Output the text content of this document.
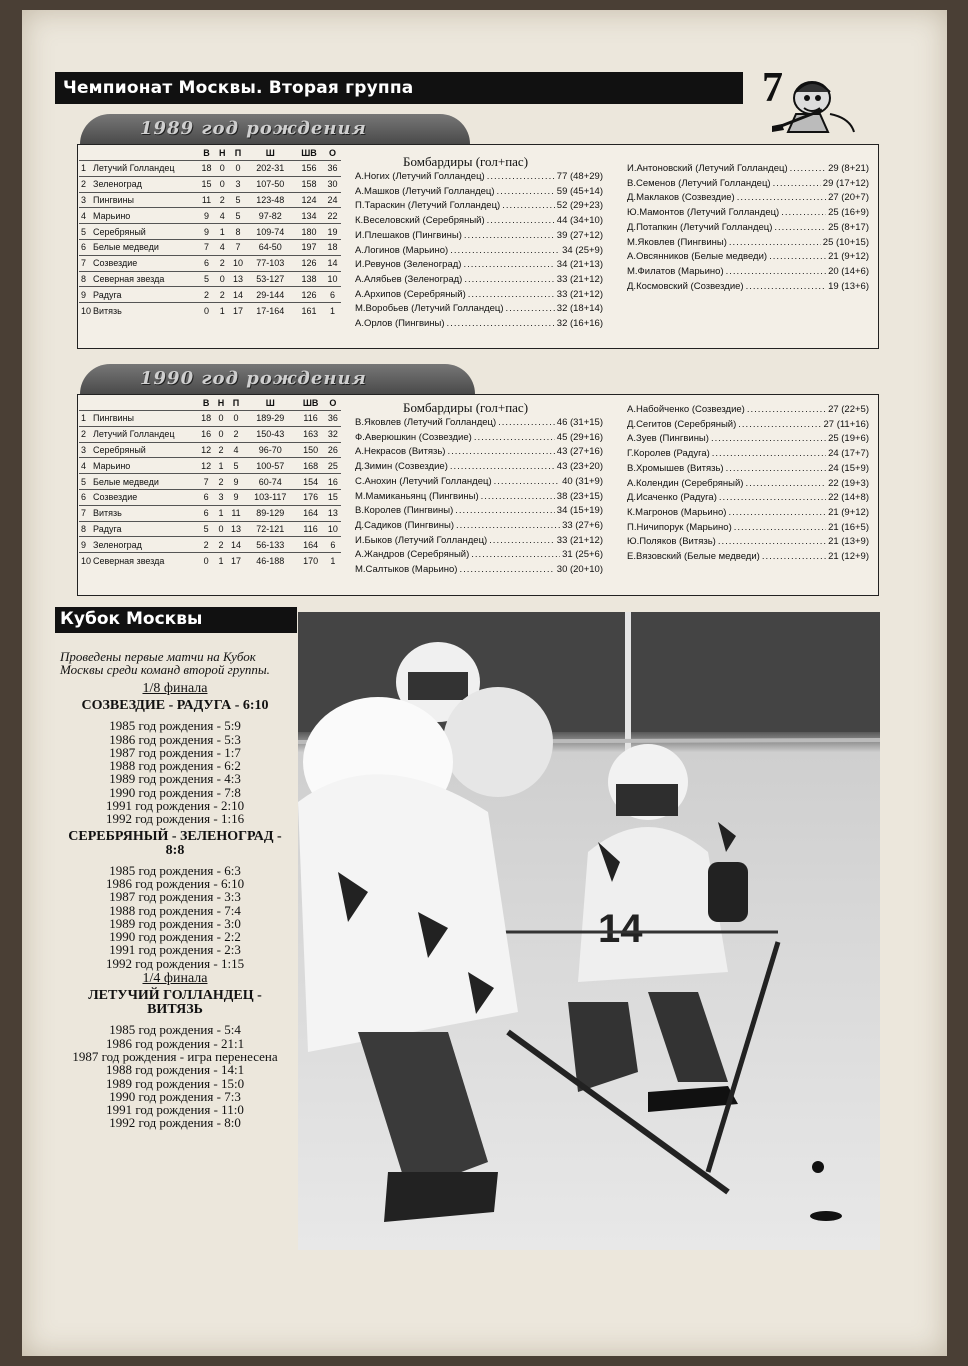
Чемпионат Москвы. Вторая группа	7
1989 год рождения
		В	Н	П	Ш	ШВ	О
1	Летучий Голландец	18	0	0	202-31	156	36
2	Зеленоград	15	0	3	107-50	158	30
3	Пингвины	11	2	5	123-48	124	24
4	Марьино	9	4	5	97-82	134	22
5	Серебряный	9	1	8	109-74	180	19
6	Белые медведи	7	4	7	64-50	197	18
7	Созвездие	6	2	10	77-103	126	14
8	Северная звезда	5	0	13	53-127	138	10
9	Радуга	2	2	14	29-144	126	6
10	Витязь	0	1	17	17-164	161	1
Бомбардиры (гол+пас)
А.Ногих (Летучий Голландец) .....	77 (48+29)
А.Машков (Летучий Голландец) .....	59 (45+14)
П.Тараскин (Летучий Голландец) .....	52 (29+23)
К.Веселовский (Серебряный) .....	44 (34+10)
И.Плешаков (Пингвины) .....	39 (27+12)
А.Логинов (Марьино) .....	34 (25+9)
И.Ревунов (Зеленоград) .....	34 (21+13)
А.Алябьев (Зеленоград) .....	33 (21+12)
А.Архипов (Серебряный) .....	33 (21+12)
М.Воробьев (Летучий Голландец) .....	32 (18+14)
А.Орлов (Пингвины) .....	32 (16+16)
И.Антоновский (Летучий Голландец) .....	29 (8+21)
В.Семенов (Летучий Голландец) .....	29 (17+12)
Д.Маклаков (Созвездие) .....	27 (20+7)
Ю.Мамонтов (Летучий Голландец) .....	25 (16+9)
Д.Потапкин (Летучий Голландец) .....	25 (8+17)
М.Яковлев (Пингвины) .....	25 (10+15)
А.Овсянников (Белые медведи) .....	21 (9+12)
М.Филатов (Марьино) .....	20 (14+6)
Д.Космовский (Созвездие) .....	19 (13+6)
1990 год рождения
		В	Н	П	Ш	ШВ	О
1	Пингвины	18	0	0	189-29	116	36
2	Летучий Голландец	16	0	2	150-43	163	32
3	Серебряный	12	2	4	96-70	150	26
4	Марьино	12	1	5	100-57	168	25
5	Белые медведи	7	2	9	60-74	154	16
6	Созвездие	6	3	9	103-117	176	15
7	Витязь	6	1	11	89-129	164	13
8	Радуга	5	0	13	72-121	116	10
9	Зеленоград	2	2	14	56-133	164	6
10	Северная звезда	0	1	17	46-188	170	1
Бомбардиры (гол+пас)
В.Яковлев (Летучий Голландец) .....	46 (31+15)
Ф.Аверюшкин (Созвездие) .....	45 (29+16)
А.Некрасов (Витязь) .....	43 (27+16)
Д.Зимин (Созвездие) .....	43 (23+20)
С.Анохин (Летучий Голландец) .....	40 (31+9)
М.Мамиканьянц (Пингвины) .....	38 (23+15)
В.Королев (Пингвины) .....	34 (15+19)
Д.Садиков (Пингвины) .....	33 (27+6)
И.Быков (Летучий Голландец) .....	33 (21+12)
А.Жандров (Серебряный) .....	31 (25+6)
М.Салтыков (Марьино) .....	30 (20+10)
А.Набойченко (Созвездие) .....	27 (22+5)
Д.Сегитов (Серебряный) .....	27 (11+16)
А.Зуев (Пингвины) .....	25 (19+6)
Г.Королев (Радуга) .....	24 (17+7)
В.Хромышев (Витязь) .....	24 (15+9)
А.Колендин (Серебряный) .....	22 (19+3)
Д.Исаченко (Радуга) .....	22 (14+8)
К.Магронов (Марьино) .....	21 (9+12)
П.Ничипорук (Марьино) .....	21 (16+5)
Ю.Поляков (Витязь) .....	21 (13+9)
Е.Вязовский (Белые медведи) .....	21 (12+9)
Кубок Москвы
Проведены первые матчи на Кубок Москвы среди команд второй группы.
1/8 финала
СОЗВЕЗДИЕ - РАДУГА - 6:10
1985 год рождения - 5:9
1986 год рождения - 5:3
1987 год рождения - 1:7
1988 год рождения - 6:2
1989 год рождения - 4:3
1990 год рождения - 7:8
1991 год рождения - 2:10
1992 год рождения - 1:16
СЕРЕБРЯНЫЙ - ЗЕЛЕНОГРАД - 8:8
1985 год рождения - 6:3
1986 год рождения - 6:10
1987 год рождения - 3:3
1988 год рождения - 7:4
1989 год рождения - 3:0
1990 год рождения - 2:2
1991 год рождения - 2:3
1992 год рождения - 1:15
1/4 финала
ЛЕТУЧИЙ ГОЛЛАНДЕЦ - ВИТЯЗЬ
1985 год рождения - 5:4
1986 год рождения - 21:1
1987 год рождения - игра перенесена
1988 год рождения - 14:1
1989 год рождения - 15:0
1990 год рождения - 7:3
1991 год рождения - 11:0
1992 год рождения - 8:0
14
